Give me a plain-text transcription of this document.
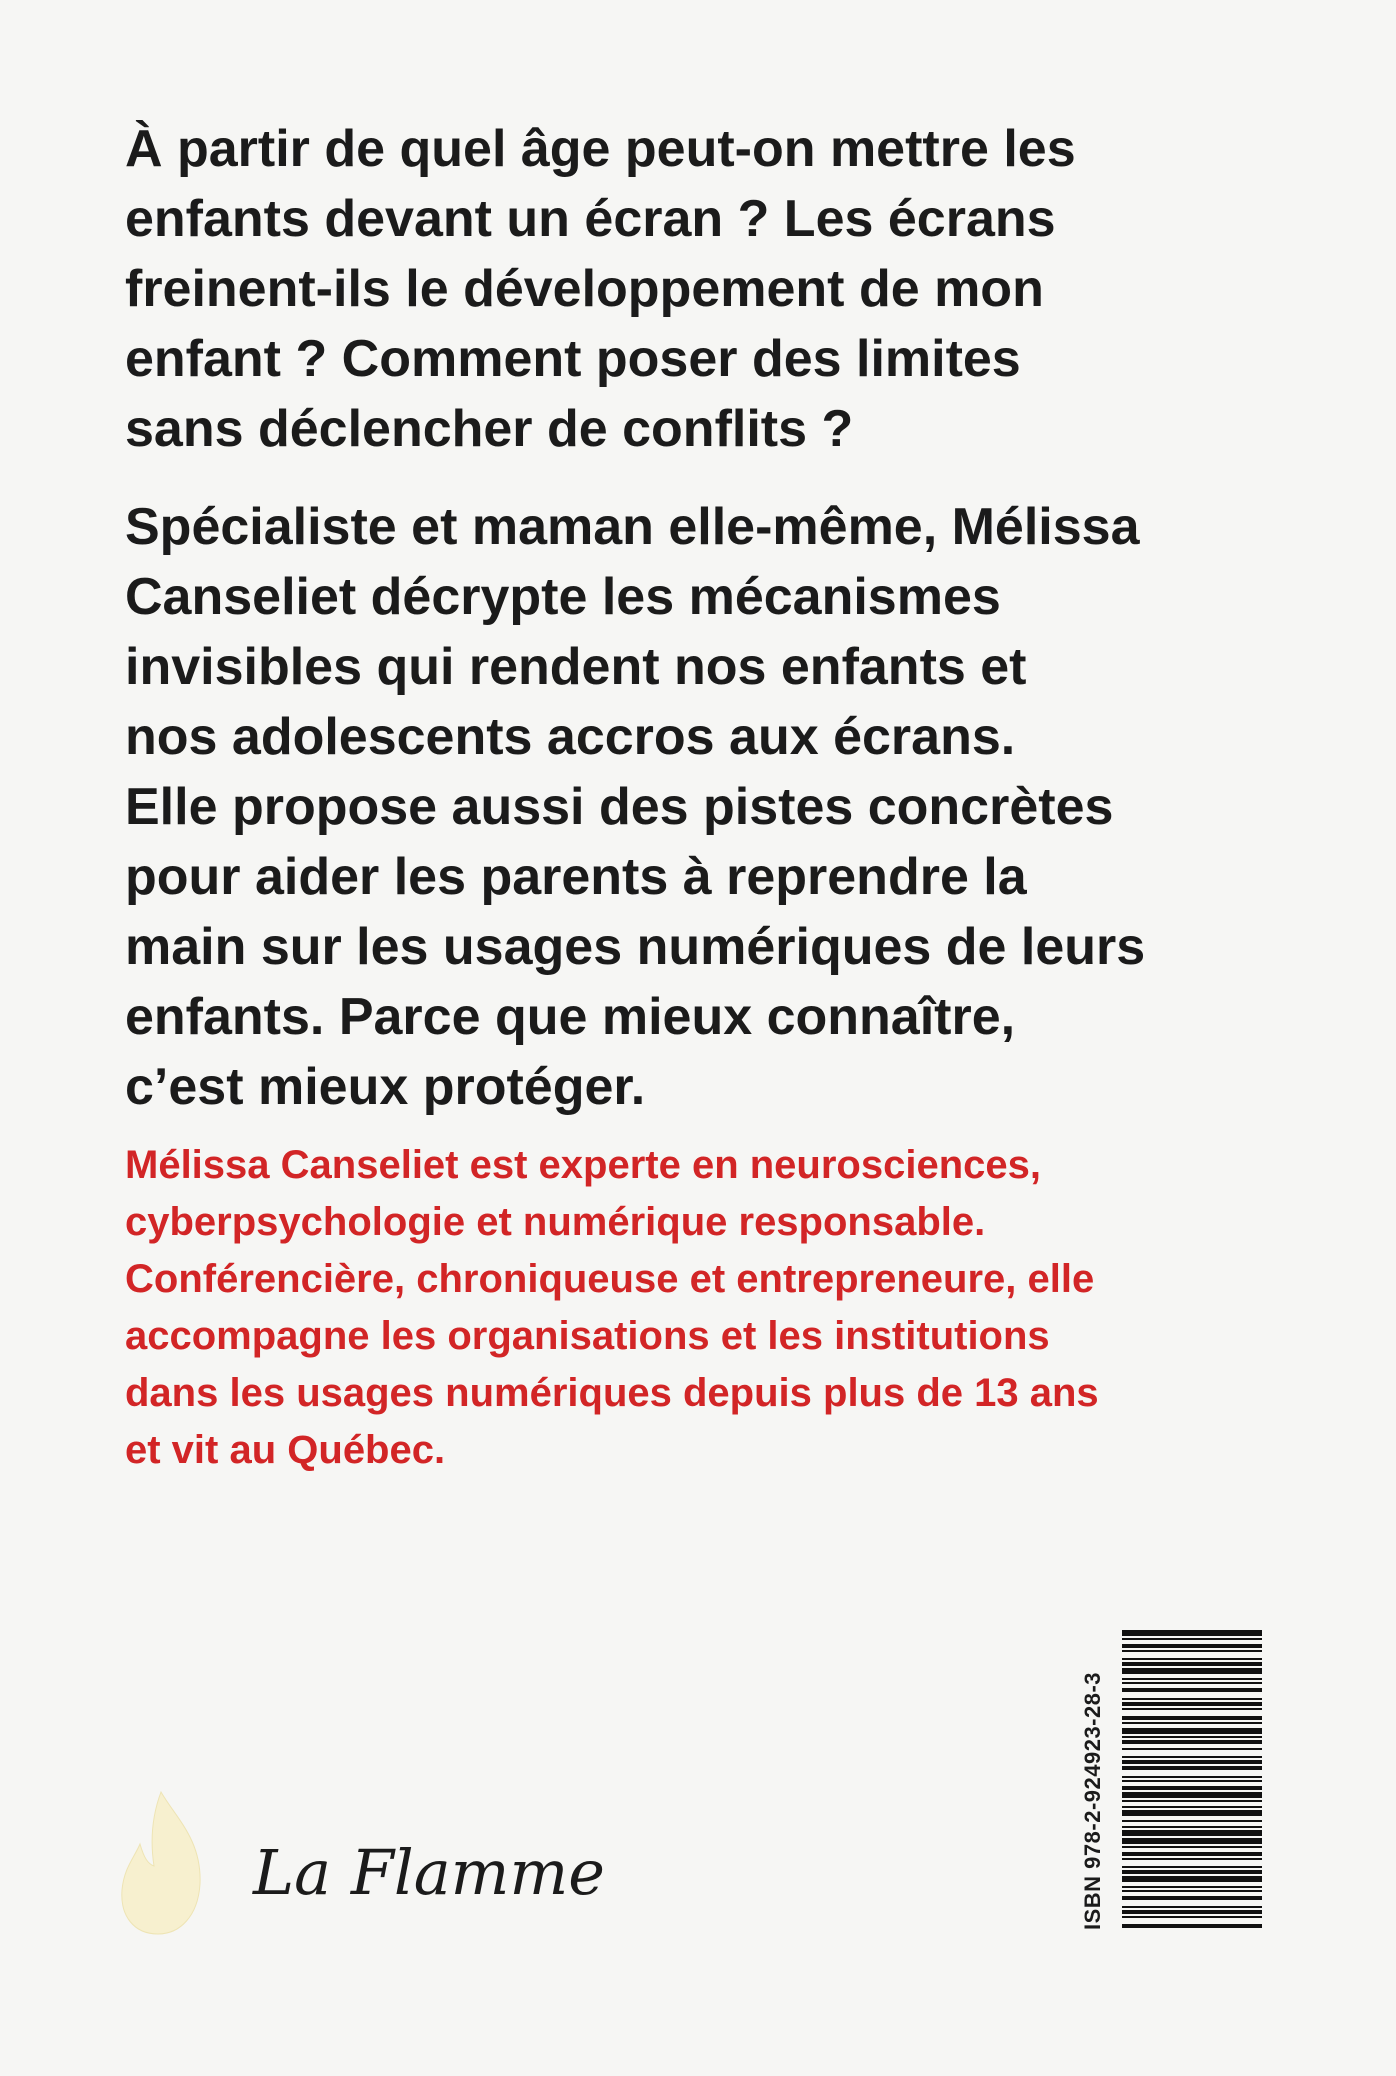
À partir de quel âge peut-on mettre les
enfants devant un écran ? Les écrans
freinent-ils le développement de mon
enfant ? Comment poser des limites
sans déclencher de conflits ?

Spécialiste et maman elle-même, Mélissa
Canseliet décrypte les mécanismes
invisibles qui rendent nos enfants et
nos adolescents accros aux écrans.
Elle propose aussi des pistes concrètes
pour aider les parents à reprendre la
main sur les usages numériques de leurs
enfants. Parce que mieux connaître,
c’est mieux protéger.

Mélissa Canseliet est experte en neurosciences,
cyberpsychologie et numérique responsable.
Conférencière, chroniqueuse et entrepreneure, elle
accompagne les organisations et les institutions
dans les usages numériques depuis plus de 13 ans
et vit au Québec.

La Flamme	ISBN 978-2-924923-28-3
